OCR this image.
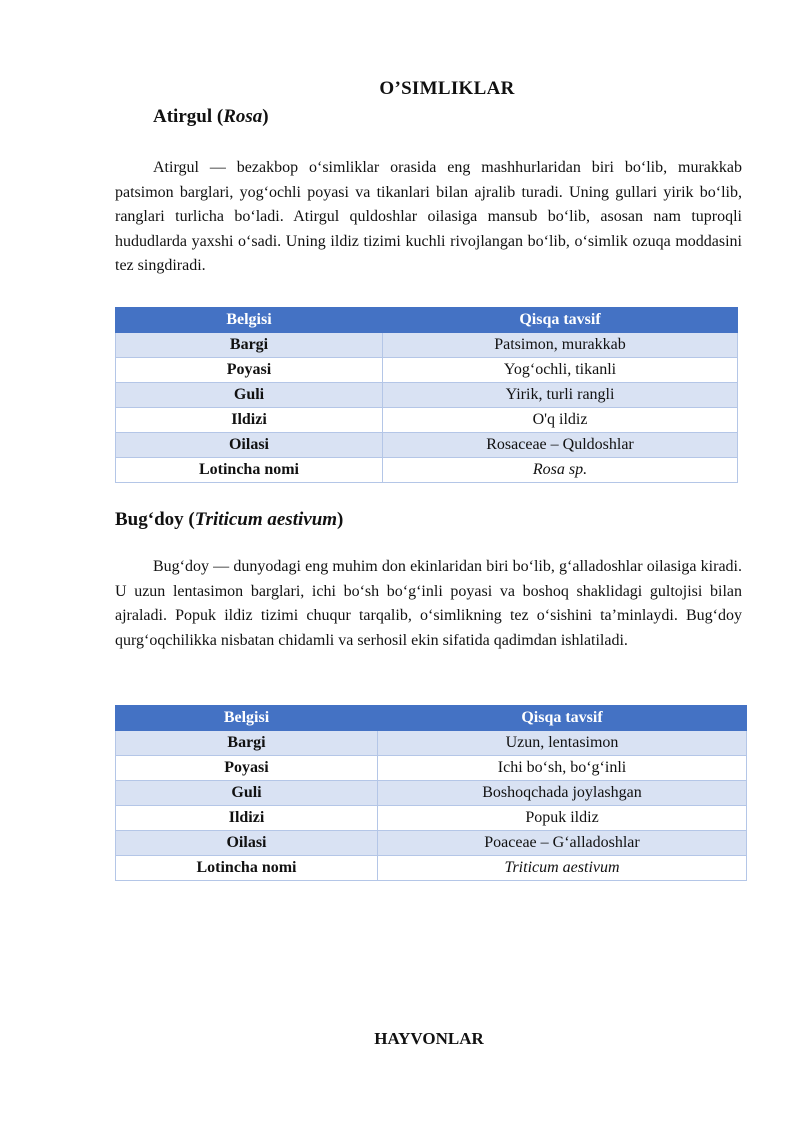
O’SIMLIKLAR
Atirgul (Rosa)

Atirgul — bezakbop o‘simliklar orasida eng mashhurlaridan biri bo‘lib, murakkab patsimon barglari, yog‘ochli poyasi va tikanlari bilan ajralib turadi. Uning gullari yirik bo‘lib, ranglari turlicha bo‘ladi. Atirgul quldoshlar oilasiga mansub bo‘lib, asosan nam tuproqli hududlarda yaxshi o‘sadi. Uning ildiz tizimi kuchli rivojlangan bo‘lib, o‘simlik ozuqa moddasini tez singdiradi.

Belgisi	Qisqa tavsif
Bargi	Patsimon, murakkab
Poyasi	Yog‘ochli, tikanli
Guli	Yirik, turli rangli
Ildizi	O'q ildiz
Oilasi	Rosaceae – Quldoshlar
Lotincha nomi	Rosa sp.
Bug‘doy (Triticum aestivum)

Bug‘doy — dunyodagi eng muhim don ekinlaridan biri bo‘lib, g‘alladoshlar oilasiga kiradi. U uzun lentasimon barglari, ichi bo‘sh bo‘g‘inli poyasi va boshoq shaklidagi gultojisi bilan ajraladi. Popuk ildiz tizimi chuqur tarqalib, o‘simlikning tez o‘sishini ta’minlaydi. Bug‘doy qurg‘oqchilikka nisbatan chidamli va serhosil ekin sifatida qadimdan ishlatiladi.

Belgisi	Qisqa tavsif
Bargi	Uzun, lentasimon
Poyasi	Ichi bo‘sh, bo‘g‘inli
Guli	Boshoqchada joylashgan
Ildizi	Popuk ildiz
Oilasi	Poaceae – G‘alladoshlar
Lotincha nomi	Triticum aestivum
HAYVONLAR
